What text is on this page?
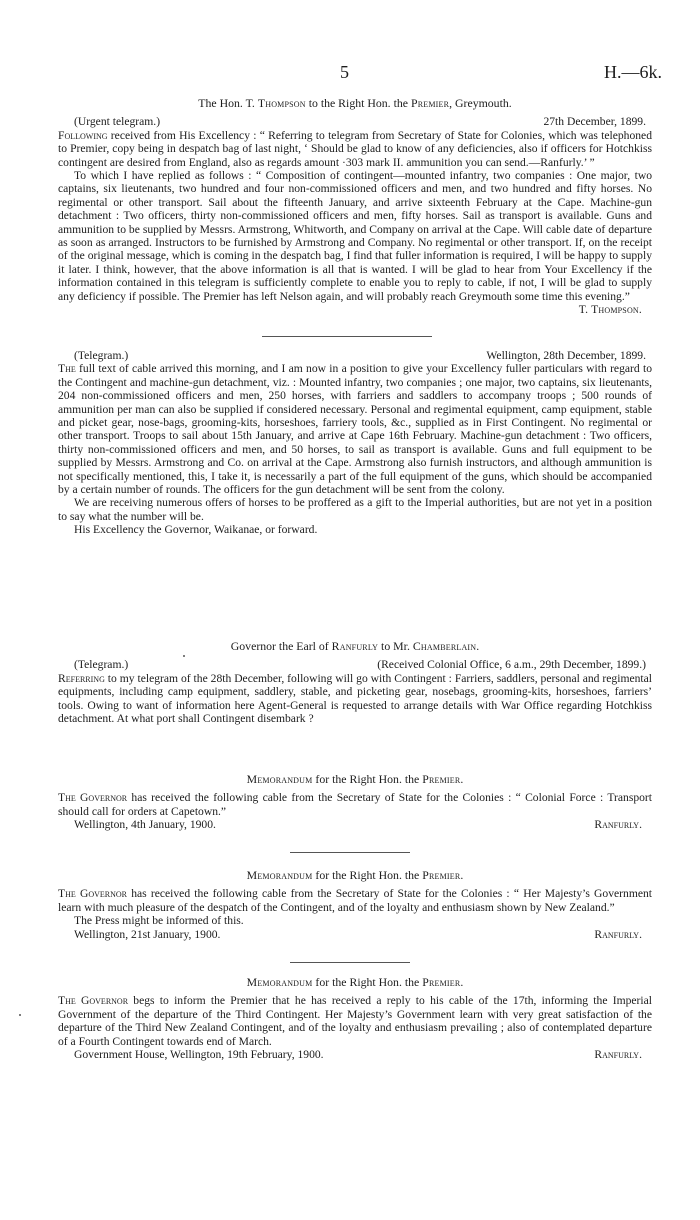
5	H.—6k.
The Hon. T. Thompson to the Right Hon. the Premier, Greymouth.
(Urgent telegram.)	27th December, 1899.

Following received from His Excellency : “ Referring to telegram from Secretary of State for Colonies, which was telephoned to Premier, copy being in despatch bag of last night, ‘ Should be glad to know of any deficiencies, also if officers for Hotchkiss contingent are desired from England, also as regards amount ·303 mark II. ammunition you can send.—Ranfurly.’ ”

To which I have replied as follows : “ Composition of contingent—mounted infantry, two companies : One major, two captains, six lieutenants, two hundred and four non-commissioned officers and men, and two hundred and fifty horses. No regimental or other transport. Sail about the fifteenth January, and arrive sixteenth February at the Cape. Machine-gun detachment : Two officers, thirty non-commissioned officers and men, fifty horses. Sail as transport is available. Guns and ammunition to be supplied by Messrs. Armstrong, Whitworth, and Company on arrival at the Cape. Will cable date of departure as soon as arranged. Instructors to be furnished by Armstrong and Company. No regimental or other transport. If, on the receipt of the original message, which is coming in the despatch bag, I find that fuller information is required, I will be happy to supply it later. I think, however, that the above information is all that is wanted. I will be glad to hear from Your Excellency if the information contained in this telegram is sufficiently complete to enable you to reply to cable, if not, I will be glad to supply any deficiency if possible. The Premier has left Nelson again, and will probably reach Greymouth some time this evening.”

T. Thompson.
(Telegram.)	Wellington, 28th December, 1899.

The full text of cable arrived this morning, and I am now in a position to give your Excellency fuller particulars with regard to the Contingent and machine-gun detachment, viz. : Mounted infantry, two companies ; one major, two captains, six lieutenants, 204 non-commissioned officers and men, 250 horses, with farriers and saddlers to accompany troops ; 500 rounds of ammunition per man can also be supplied if considered necessary. Personal and regimental equipment, camp equipment, stable and picket gear, nose-bags, grooming-kits, horseshoes, farriery tools, &c., supplied as in First Contingent. No regimental or other transport. Troops to sail about 15th January, and arrive at Cape 16th February. Machine-gun detachment : Two officers, thirty non-commissioned officers and men, and 50 horses, to sail as transport is available. Guns and full equipment to be supplied by Messrs. Armstrong and Co. on arrival at the Cape. Armstrong also furnish instructors, and although ammunition is not specifically mentioned, this, I take it, is necessarily a part of the full equipment of the guns, which should be accompanied by a certain number of rounds. The officers for the gun detachment will be sent from the colony.

We are receiving numerous offers of horses to be proffered as a gift to the Imperial authorities, but are not yet in a position to say what the number will be.

His Excellency the Governor, Waikanae, or forward.
Governor the Earl of Ranfurly to Mr. Chamberlain.
(Telegram.)	(Received Colonial Office, 6 a.m., 29th December, 1899.)

Referring to my telegram of the 28th December, following will go with Contingent : Farriers, saddlers, personal and regimental equipments, including camp equipment, saddlery, stable, and picketing gear, nosebags, grooming-kits, horseshoes, farriers’ tools. Owing to want of information here Agent-General is requested to arrange details with War Office regarding Hotchkiss detachment. At what port shall Contingent disembark ?

Memorandum for the Right Hon. the Premier.

The Governor has received the following cable from the Secretary of State for the Colonies : “ Colonial Force : Transport should call for orders at Capetown.”

Wellington, 4th January, 1900.	Ranfurly.
Memorandum for the Right Hon. the Premier.

The Governor has received the following cable from the Secretary of State for the Colonies : “ Her Majesty’s Government learn with much pleasure of the despatch of the Contingent, and of the loyalty and enthusiasm shown by New Zealand.”

The Press might be informed of this.
Wellington, 21st January, 1900.	Ranfurly.
Memorandum for the Right Hon. the Premier.

The Governor begs to inform the Premier that he has received a reply to his cable of the 17th, informing the Imperial Government of the departure of the Third Contingent. Her Majesty’s Government learn with very great satisfaction of the departure of the Third New Zealand Contingent, and of the loyalty and enthusiasm prevailing ; also of contemplated departure of a Fourth Contingent towards end of March.

Government House, Wellington, 19th February, 1900.	Ranfurly.
